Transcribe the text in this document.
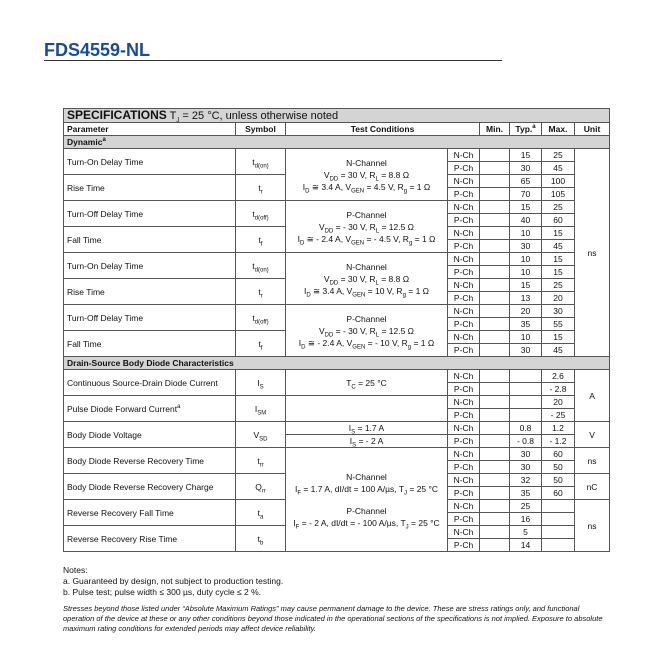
FDS4559-NL
SPECIFICATIONS $T_J = 25$ °C, unless otherwise noted							
Parameter	Symbol	Test Conditions		Min.	Typ.$^a$	Max.	Unit
Dynamic$^a$
Turn-On Delay Time	$t_{d(on)}$	N-Channel
$V_{DD} = 30$ V, $R_L = 8.8$ Ω
$I_D$ ≅ 3.4 A, $V_{GEN} = 4.5$ V, $R_g = 1$ Ω	N-Ch		15	25	ns
			P-Ch		30	45	
Rise Time	$t_r$		N-Ch		65	100	
			P-Ch		70	105	
Turn-Off Delay Time	$t_{d(off)}$	P-Channel
$V_{DD}$ = - 30 V, $R_L = 12.5$ Ω
$I_D$ ≅ - 2.4 A, $V_{GEN}$ = - 4.5 V, $R_g = 1$ Ω	N-Ch		15	25	
			P-Ch		40	60	
Fall Time	$t_f$		N-Ch		10	15	
			P-Ch		30	45	
Turn-On Delay Time	$t_{d(on)}$	N-Channel
$V_{DD} = 30$ V, $R_L = 8.8$ Ω
$I_D$ ≅ 3.4 A, $V_{GEN} = 10$ V, $R_g = 1$ Ω	N-Ch		10	15	
			P-Ch		10	15	
Rise Time	$t_r$		N-Ch		15	25	
			P-Ch		13	20	
Turn-Off Delay Time	$t_{d(off)}$	P-Channel
$V_{DD}$ = - 30 V, $R_L = 12.5$ Ω
$I_D$ ≅ - 2.4 A, $V_{GEN}$ = - 10 V, $R_g = 1$ Ω	N-Ch		20	30	
			P-Ch		35	55	
Fall Time	$t_f$		N-Ch		10	15	
			P-Ch		30	45	
Drain-Source Body Diode Characteristics							
Continuous Source-Drain Diode Current	$I_S$	$T_C = 25$ °C	N-Ch			2.6	A
			P-Ch			- 2.8	
Pulse Diode Forward Current$^a$	$I_{SM}$		N-Ch			20	
			P-Ch			- 25	
Body Diode Voltage	$V_{SD}$	$I_S = 1.7$ A	N-Ch		0.8	1.2	V
		$I_S$ = - 2 A	P-Ch		- 0.8	- 1.2	
Body Diode Reverse Recovery Time	$t_{rr}$	N-Channel
$I_F = 1.7$ A, dI/dt = 100 A/µs, $T_J = 25$ °C
P-Channel
$I_F$ = - 2 A, dI/dt = - 100 A/µs, $T_J = 25$ °C	N-Ch		30	60	ns
			P-Ch		30	50	
Body Diode Reverse Recovery Charge	$Q_{rr}$		N-Ch		32	50	nC
			P-Ch		35	60	
Reverse Recovery Fall Time	$t_a$		N-Ch		25		ns
			P-Ch		16		
Reverse Recovery Rise Time	$t_b$		N-Ch		5		
			P-Ch		14		
Notes:
a. Guaranteed by design, not subject to production testing.
b. Pulse test; pulse width ≤ 300 µs, duty cycle ≤ 2 %.
Stresses beyond those listed under “Absolute Maximum Ratings” may cause permanent damage to the device. These are stress ratings only, and functional operation of the device at these or any other conditions beyond those indicated in the operational sections of the specifications is not implied. Exposure to absolute maximum rating conditions for extended periods may affect device reliability.
